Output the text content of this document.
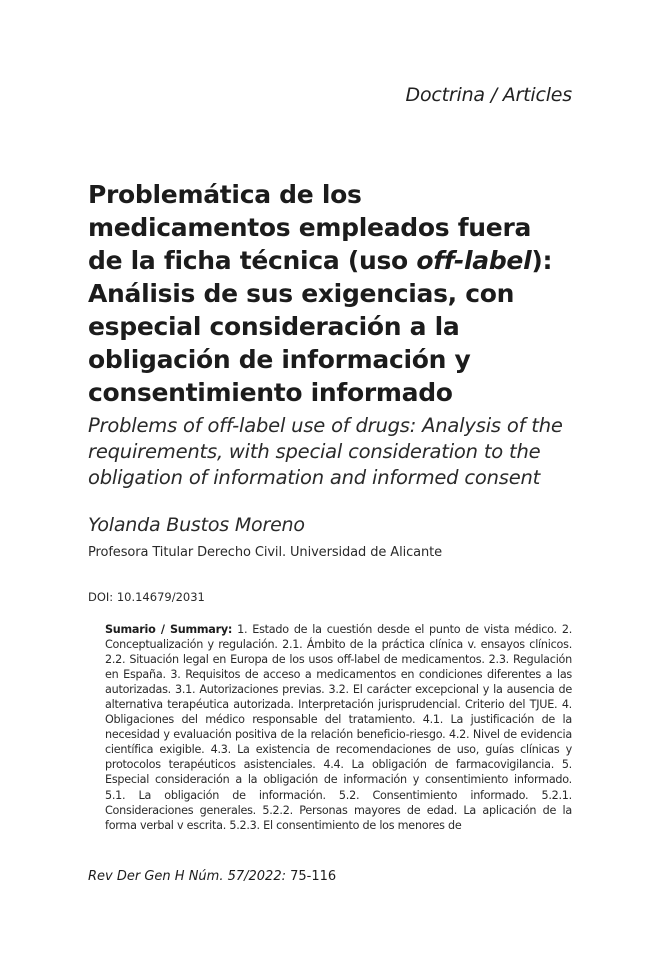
Doctrina / Articles
Problemática de los medicamentos empleados fuera de la ficha técnica (uso off-label): Análisis de sus exigencias, con especial consideración a la obligación de información y consentimiento informado

Problems of off-label use of drugs: Analysis of the requirements, with special consideration to the obligation of information and informed consent

Yolanda Bustos Moreno
Profesora Titular Derecho Civil. Universidad de Alicante
DOI: 10.14679/2031

Sumario / Summary: 1. Estado de la cuestión desde el punto de vista médico. 2. Conceptualización y regulación. 2.1. Ámbito de la práctica clínica v. ensayos clínicos. 2.2. Situación legal en Europa de los usos off-label de medicamentos. 2.3. Regulación en España. 3. Requisitos de acceso a medicamentos en condiciones diferentes a las autorizadas. 3.1. Autorizaciones previas. 3.2. El carácter excepcional y la ausencia de alternativa terapéutica autorizada. Interpretación jurisprudencial. Criterio del TJUE. 4. Obligaciones del médico responsable del tratamiento. 4.1. La justificación de la necesidad y evaluación positiva de la relación beneficio-riesgo. 4.2. Nivel de evidencia científica exigible. 4.3. La existencia de recomendaciones de uso, guías clínicas y protocolos terapéuticos asistenciales. 4.4. La obligación de farmacovigilancia. 5. Especial consideración a la obligación de información y consentimiento informado. 5.1. La obligación de información. 5.2. Consentimiento informado. 5.2.1. Consideraciones generales. 5.2.2. Personas mayores de edad. La aplicación de la forma verbal v escrita. 5.2.3. El consentimiento de los menores de

Rev Der Gen H Núm. 57/2022: 75-116
